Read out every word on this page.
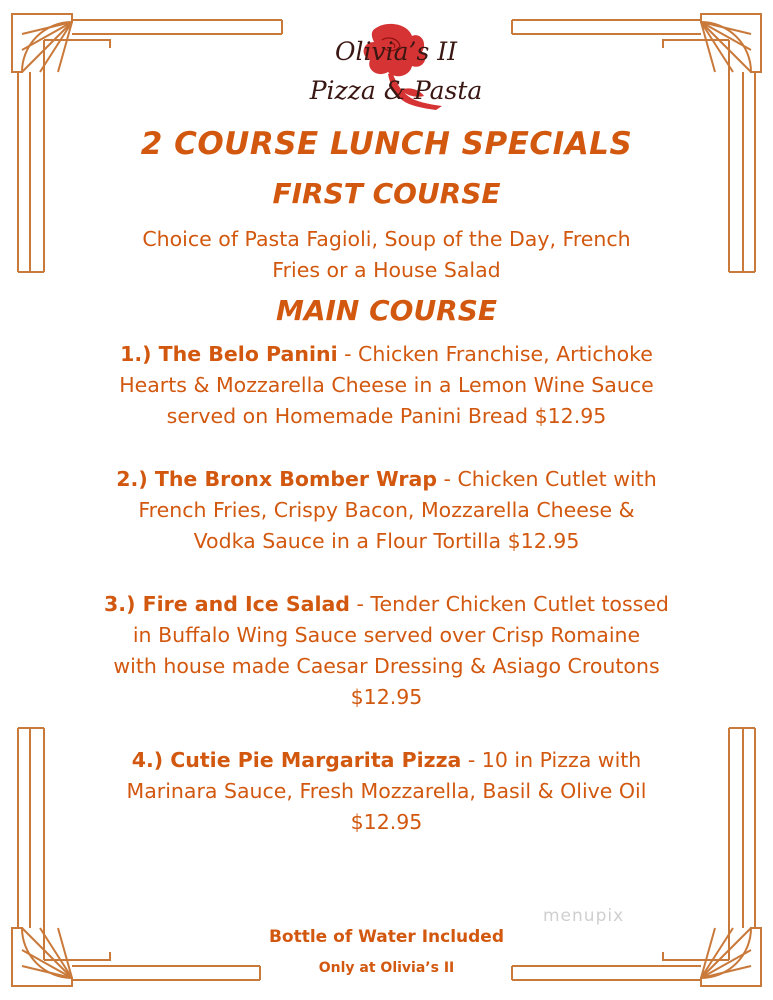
Olivia’s II
Pizza & Pasta
2 COURSE LUNCH SPECIALS
FIRST COURSE
Choice of Pasta Fagioli, Soup of the Day, French
Fries or a House Salad
MAIN COURSE
1.) The Belo Panini - Chicken Franchise, Artichoke
Hearts & Mozzarella Cheese in a Lemon Wine Sauce
served on Homemade Panini Bread $12.95
2.) The Bronx Bomber Wrap - Chicken Cutlet with
French Fries, Crispy Bacon, Mozzarella Cheese &
Vodka Sauce in a Flour Tortilla $12.95
3.) Fire and Ice Salad - Tender Chicken Cutlet tossed
in Buffalo Wing Sauce served over Crisp Romaine
with house made Caesar Dressing & Asiago Croutons
$12.95
4.) Cutie Pie Margarita Pizza - 10 in Pizza with
Marinara Sauce, Fresh Mozzarella, Basil & Olive Oil
$12.95
Bottle of Water Included
Only at Olivia’s II
menupix
